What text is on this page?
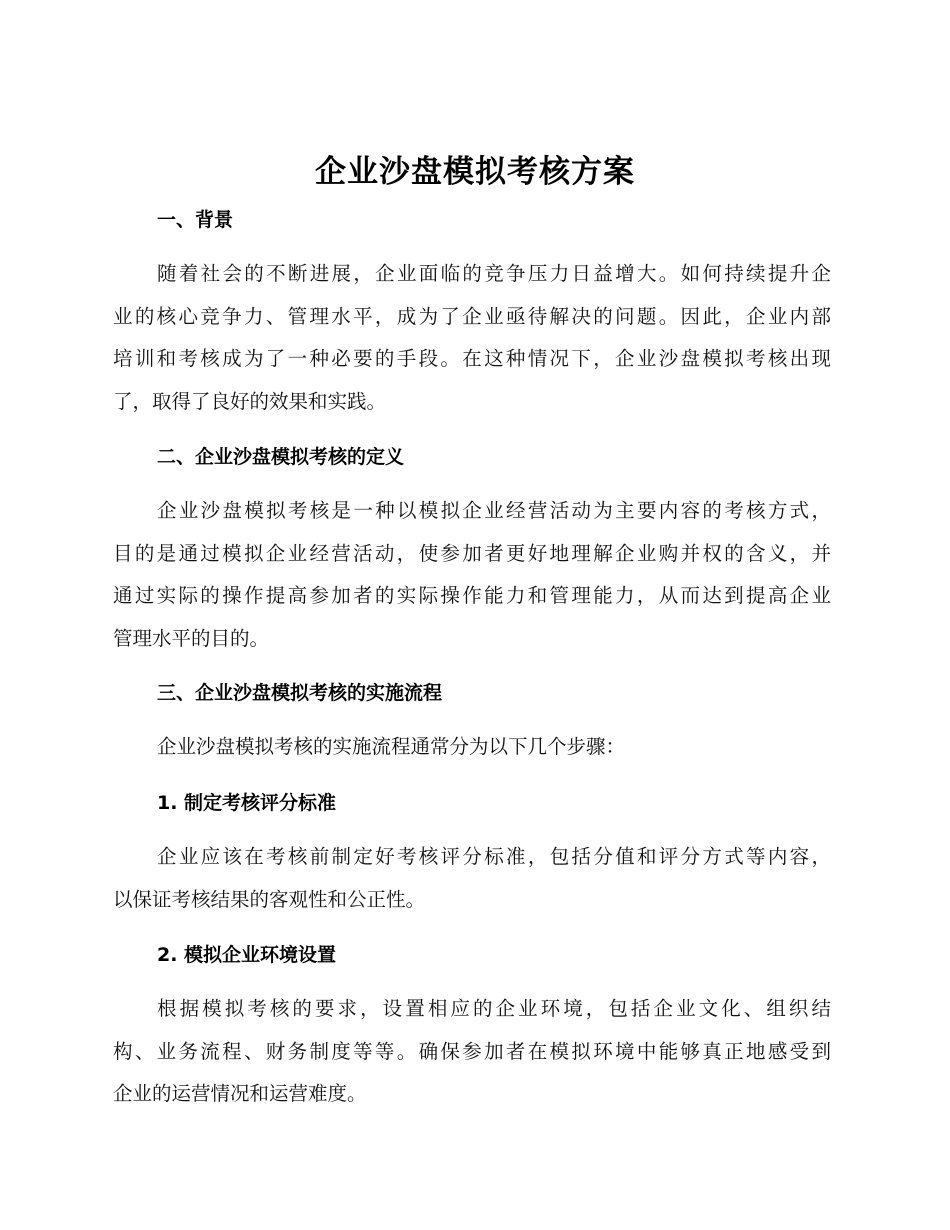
企业沙盘模拟考核方案
一、背景
随着社会的不断进展，企业面临的竞争压力日益增大。如何持续提升企
业的核心竞争力、管理水平，成为了企业亟待解决的问题。因此，企业内部
培训和考核成为了一种必要的手段。在这种情况下，企业沙盘模拟考核出现
了，取得了良好的效果和实践。
二、企业沙盘模拟考核的定义
企业沙盘模拟考核是一种以模拟企业经营活动为主要内容的考核方式，
目的是通过模拟企业经营活动，使参加者更好地理解企业购并权的含义，并
通过实际的操作提高参加者的实际操作能力和管理能力，从而达到提高企业
管理水平的目的。
三、企业沙盘模拟考核的实施流程
企业沙盘模拟考核的实施流程通常分为以下几个步骤：
1. 制定考核评分标准
企业应该在考核前制定好考核评分标准，包括分值和评分方式等内容，
以保证考核结果的客观性和公正性。
2. 模拟企业环境设置
根据模拟考核的要求，设置相应的企业环境，包括企业文化、组织结
构、业务流程、财务制度等等。确保参加者在模拟环境中能够真正地感受到
企业的运营情况和运营难度。
